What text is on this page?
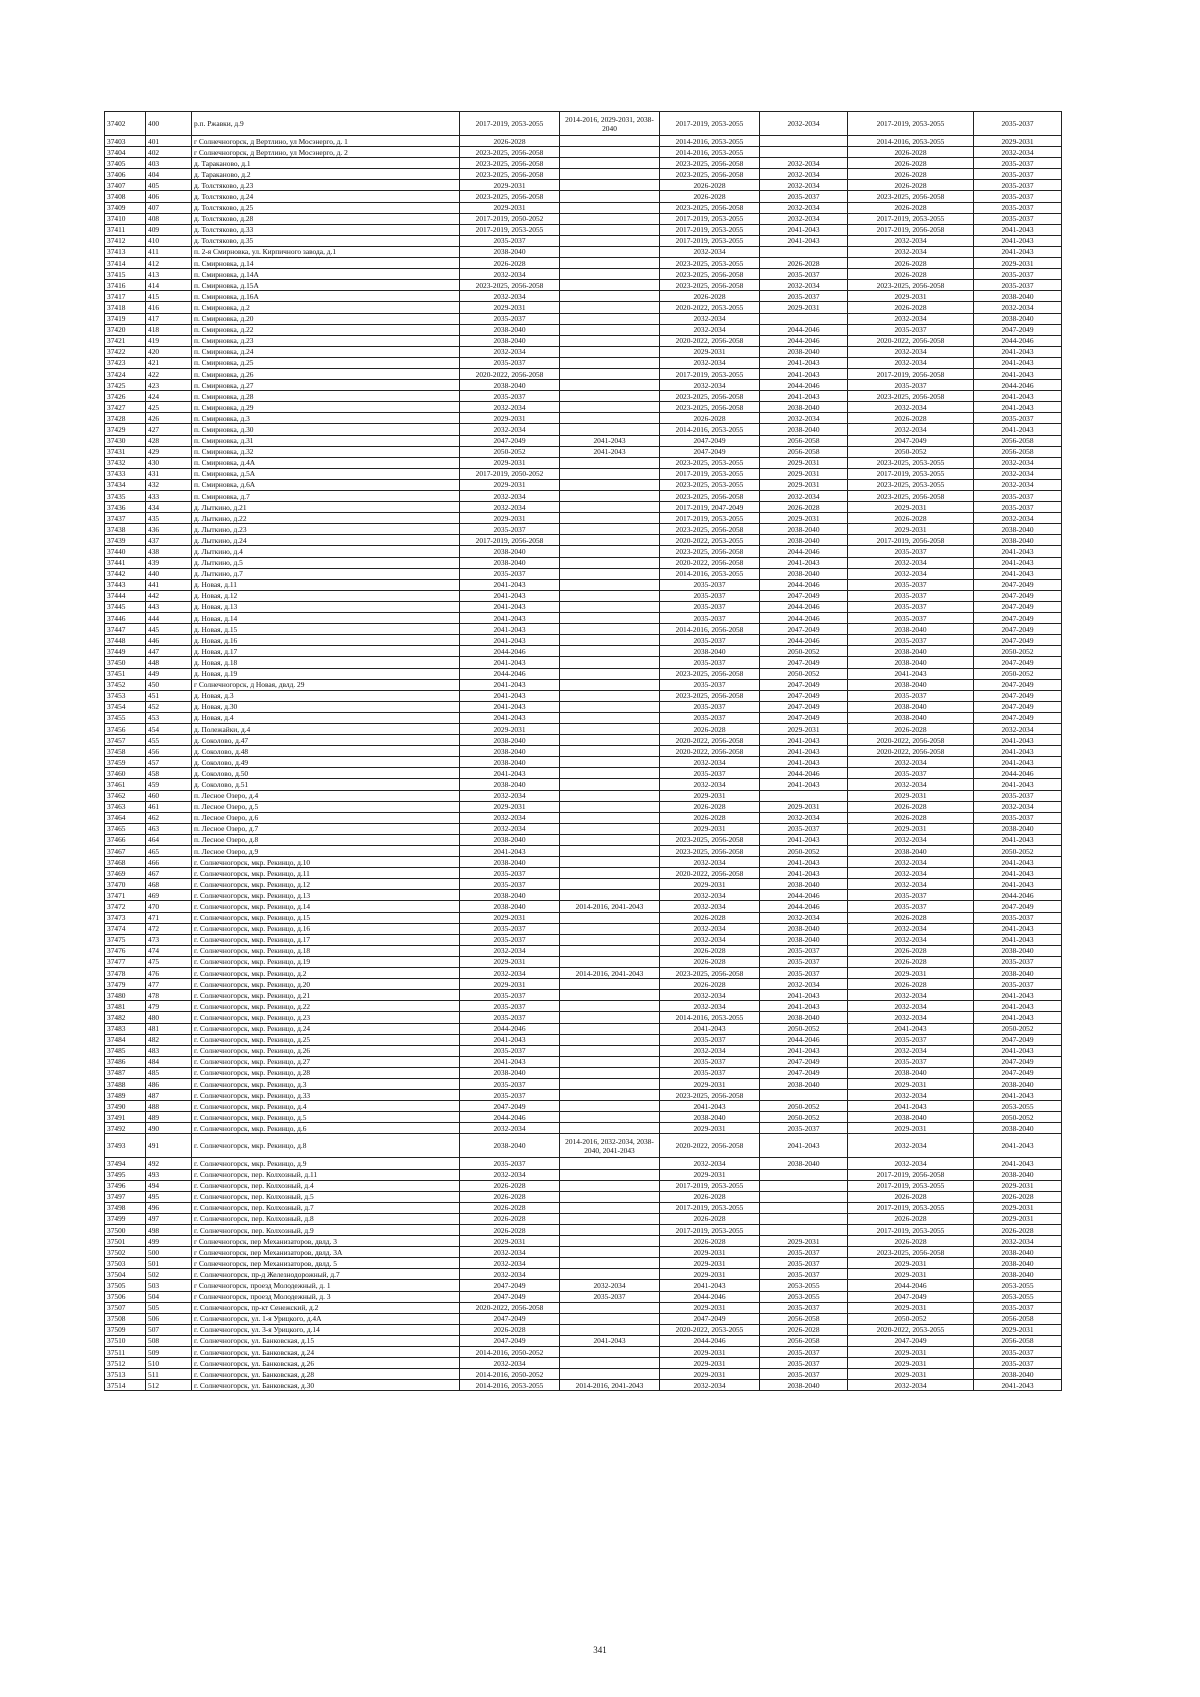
37402	400	р.п. Ржавки, д.9	2017-2019, 2053-2055	2014-2016, 2029-2031, 2038-2040	2017-2019, 2053-2055	2032-2034	2017-2019, 2053-2055	2035-2037
37403	401	г Солнечногорск, д Вертлино, ул Мосэнерго, д. 1	2026-2028		2014-2016, 2053-2055		2014-2016, 2053-2055	2029-2031
37404	402	г Солнечногорск, д Вертлино, ул Мосэнерго, д. 2	2023-2025, 2056-2058		2014-2016, 2053-2055		2026-2028	2032-2034
37405	403	д. Тараканово, д.1	2023-2025, 2056-2058		2023-2025, 2056-2058	2032-2034	2026-2028	2035-2037
37406	404	д. Тараканово, д.2	2023-2025, 2056-2058		2023-2025, 2056-2058	2032-2034	2026-2028	2035-2037
37407	405	д. Толстяково, д.23	2029-2031		2026-2028	2032-2034	2026-2028	2035-2037
37408	406	д. Толстяково, д.24	2023-2025, 2056-2058		2026-2028	2035-2037	2023-2025, 2056-2058	2035-2037
37409	407	д. Толстяково, д.25	2029-2031		2023-2025, 2056-2058	2032-2034	2026-2028	2035-2037
37410	408	д. Толстяково, д.28	2017-2019, 2050-2052		2017-2019, 2053-2055	2032-2034	2017-2019, 2053-2055	2035-2037
37411	409	д. Толстяково, д.33	2017-2019, 2053-2055		2017-2019, 2053-2055	2041-2043	2017-2019, 2056-2058	2041-2043
37412	410	д. Толстяково, д.35	2035-2037		2017-2019, 2053-2055	2041-2043	2032-2034	2041-2043
37413	411	п. 2-я Смирновка, ул. Кирпичного завода, д.1	2038-2040		2032-2034		2032-2034	2041-2043
37414	412	п. Смирновка, д.14	2026-2028		2023-2025, 2053-2055	2026-2028	2026-2028	2029-2031
37415	413	п. Смирновка, д.14А	2032-2034		2023-2025, 2056-2058	2035-2037	2026-2028	2035-2037
37416	414	п. Смирновка, д.15А	2023-2025, 2056-2058		2023-2025, 2056-2058	2032-2034	2023-2025, 2056-2058	2035-2037
37417	415	п. Смирновка, д.16А	2032-2034		2026-2028	2035-2037	2029-2031	2038-2040
37418	416	п. Смирновка, д.2	2029-2031		2020-2022, 2053-2055	2029-2031	2026-2028	2032-2034
37419	417	п. Смирновка, д.20	2035-2037		2032-2034		2032-2034	2038-2040
37420	418	п. Смирновка, д.22	2038-2040		2032-2034	2044-2046	2035-2037	2047-2049
37421	419	п. Смирновка, д.23	2038-2040		2020-2022, 2056-2058	2044-2046	2020-2022, 2056-2058	2044-2046
37422	420	п. Смирновка, д.24	2032-2034		2029-2031	2038-2040	2032-2034	2041-2043
37423	421	п. Смирновка, д.25	2035-2037		2032-2034	2041-2043	2032-2034	2041-2043
37424	422	п. Смирновка, д.26	2020-2022, 2056-2058		2017-2019, 2053-2055	2041-2043	2017-2019, 2056-2058	2041-2043
37425	423	п. Смирновка, д.27	2038-2040		2032-2034	2044-2046	2035-2037	2044-2046
37426	424	п. Смирновка, д.28	2035-2037		2023-2025, 2056-2058	2041-2043	2023-2025, 2056-2058	2041-2043
37427	425	п. Смирновка, д.29	2032-2034		2023-2025, 2056-2058	2038-2040	2032-2034	2041-2043
37428	426	п. Смирновка, д.3	2029-2031		2026-2028	2032-2034	2026-2028	2035-2037
37429	427	п. Смирновка, д.30	2032-2034		2014-2016, 2053-2055	2038-2040	2032-2034	2041-2043
37430	428	п. Смирновка, д.31	2047-2049	2041-2043	2047-2049	2056-2058	2047-2049	2056-2058
37431	429	п. Смирновка, д.32	2050-2052	2041-2043	2047-2049	2056-2058	2050-2052	2056-2058
37432	430	п. Смирновка, д.4А	2029-2031		2023-2025, 2053-2055	2029-2031	2023-2025, 2053-2055	2032-2034
37433	431	п. Смирновка, д.5А	2017-2019, 2050-2052		2017-2019, 2053-2055	2029-2031	2017-2019, 2053-2055	2032-2034
37434	432	п. Смирновка, д.6А	2029-2031		2023-2025, 2053-2055	2029-2031	2023-2025, 2053-2055	2032-2034
37435	433	п. Смирновка, д.7	2032-2034		2023-2025, 2056-2058	2032-2034	2023-2025, 2056-2058	2035-2037
37436	434	д. Лыткино, д.21	2032-2034		2017-2019, 2047-2049	2026-2028	2029-2031	2035-2037
37437	435	д. Лыткино, д.22	2029-2031		2017-2019, 2053-2055	2029-2031	2026-2028	2032-2034
37438	436	д. Лыткино, д.23	2035-2037		2023-2025, 2056-2058	2038-2040	2029-2031	2038-2040
37439	437	д. Лыткино, д.24	2017-2019, 2056-2058		2020-2022, 2053-2055	2038-2040	2017-2019, 2056-2058	2038-2040
37440	438	д. Лыткино, д.4	2038-2040		2023-2025, 2056-2058	2044-2046	2035-2037	2041-2043
37441	439	д. Лыткино, д.5	2038-2040		2020-2022, 2056-2058	2041-2043	2032-2034	2041-2043
37442	440	д. Лыткино, д.7	2035-2037		2014-2016, 2053-2055	2038-2040	2032-2034	2041-2043
37443	441	д. Новая, д.11	2041-2043		2035-2037	2044-2046	2035-2037	2047-2049
37444	442	д. Новая, д.12	2041-2043		2035-2037	2047-2049	2035-2037	2047-2049
37445	443	д. Новая, д.13	2041-2043		2035-2037	2044-2046	2035-2037	2047-2049
37446	444	д. Новая, д.14	2041-2043		2035-2037	2044-2046	2035-2037	2047-2049
37447	445	д. Новая, д.15	2041-2043		2014-2016, 2056-2058	2047-2049	2038-2040	2047-2049
37448	446	д. Новая, д.16	2041-2043		2035-2037	2044-2046	2035-2037	2047-2049
37449	447	д. Новая, д.17	2044-2046		2038-2040	2050-2052	2038-2040	2050-2052
37450	448	д. Новая, д.18	2041-2043		2035-2037	2047-2049	2038-2040	2047-2049
37451	449	д. Новая, д.19	2044-2046		2023-2025, 2056-2058	2050-2052	2041-2043	2050-2052
37452	450	г Солнечногорск, д Новая, двлд. 29	2041-2043		2035-2037	2047-2049	2038-2040	2047-2049
37453	451	д. Новая, д.3	2041-2043		2023-2025, 2056-2058	2047-2049	2035-2037	2047-2049
37454	452	д. Новая, д.30	2041-2043		2035-2037	2047-2049	2038-2040	2047-2049
37455	453	д. Новая, д.4	2041-2043		2035-2037	2047-2049	2038-2040	2047-2049
37456	454	д. Полежайки, д.4	2029-2031		2026-2028	2029-2031	2026-2028	2032-2034
37457	455	д. Соколово, д.47	2038-2040		2020-2022, 2056-2058	2041-2043	2020-2022, 2056-2058	2041-2043
37458	456	д. Соколово, д.48	2038-2040		2020-2022, 2056-2058	2041-2043	2020-2022, 2056-2058	2041-2043
37459	457	д. Соколово, д.49	2038-2040		2032-2034	2041-2043	2032-2034	2041-2043
37460	458	д. Соколово, д.50	2041-2043		2035-2037	2044-2046	2035-2037	2044-2046
37461	459	д. Соколово, д.51	2038-2040		2032-2034	2041-2043	2032-2034	2041-2043
37462	460	п. Лесное Озеро, д.4	2032-2034		2029-2031		2029-2031	2035-2037
37463	461	п. Лесное Озеро, д.5	2029-2031		2026-2028	2029-2031	2026-2028	2032-2034
37464	462	п. Лесное Озеро, д.6	2032-2034		2026-2028	2032-2034	2026-2028	2035-2037
37465	463	п. Лесное Озеро, д.7	2032-2034		2029-2031	2035-2037	2029-2031	2038-2040
37466	464	п. Лесное Озеро, д.8	2038-2040		2023-2025, 2056-2058	2041-2043	2032-2034	2041-2043
37467	465	п. Лесное Озеро, д.9	2041-2043		2023-2025, 2056-2058	2050-2052	2038-2040	2050-2052
37468	466	г. Солнечногорск, мкр. Рекинцо, д.10	2038-2040		2032-2034	2041-2043	2032-2034	2041-2043
37469	467	г. Солнечногорск, мкр. Рекинцо, д.11	2035-2037		2020-2022, 2056-2058	2041-2043	2032-2034	2041-2043
37470	468	г. Солнечногорск, мкр. Рекинцо, д.12	2035-2037		2029-2031	2038-2040	2032-2034	2041-2043
37471	469	г. Солнечногорск, мкр. Рекинцо, д.13	2038-2040		2032-2034	2044-2046	2035-2037	2044-2046
37472	470	г. Солнечногорск, мкр. Рекинцо, д.14	2038-2040	2014-2016, 2041-2043	2032-2034	2044-2046	2035-2037	2047-2049
37473	471	г. Солнечногорск, мкр. Рекинцо, д.15	2029-2031		2026-2028	2032-2034	2026-2028	2035-2037
37474	472	г. Солнечногорск, мкр. Рекинцо, д.16	2035-2037		2032-2034	2038-2040	2032-2034	2041-2043
37475	473	г. Солнечногорск, мкр. Рекинцо, д.17	2035-2037		2032-2034	2038-2040	2032-2034	2041-2043
37476	474	г. Солнечногорск, мкр. Рекинцо, д.18	2032-2034		2026-2028	2035-2037	2026-2028	2038-2040
37477	475	г. Солнечногорск, мкр. Рекинцо, д.19	2029-2031		2026-2028	2035-2037	2026-2028	2035-2037
37478	476	г. Солнечногорск, мкр. Рекинцо, д.2	2032-2034	2014-2016, 2041-2043	2023-2025, 2056-2058	2035-2037	2029-2031	2038-2040
37479	477	г. Солнечногорск, мкр. Рекинцо, д.20	2029-2031		2026-2028	2032-2034	2026-2028	2035-2037
37480	478	г. Солнечногорск, мкр. Рекинцо, д.21	2035-2037		2032-2034	2041-2043	2032-2034	2041-2043
37481	479	г. Солнечногорск, мкр. Рекинцо, д.22	2035-2037		2032-2034	2041-2043	2032-2034	2041-2043
37482	480	г. Солнечногорск, мкр. Рекинцо, д.23	2035-2037		2014-2016, 2053-2055	2038-2040	2032-2034	2041-2043
37483	481	г. Солнечногорск, мкр. Рекинцо, д.24	2044-2046		2041-2043	2050-2052	2041-2043	2050-2052
37484	482	г. Солнечногорск, мкр. Рекинцо, д.25	2041-2043		2035-2037	2044-2046	2035-2037	2047-2049
37485	483	г. Солнечногорск, мкр. Рекинцо, д.26	2035-2037		2032-2034	2041-2043	2032-2034	2041-2043
37486	484	г. Солнечногорск, мкр. Рекинцо, д.27	2041-2043		2035-2037	2047-2049	2035-2037	2047-2049
37487	485	г. Солнечногорск, мкр. Рекинцо, д.28	2038-2040		2035-2037	2047-2049	2038-2040	2047-2049
37488	486	г. Солнечногорск, мкр. Рекинцо, д.3	2035-2037		2029-2031	2038-2040	2029-2031	2038-2040
37489	487	г. Солнечногорск, мкр. Рекинцо, д.33	2035-2037		2023-2025, 2056-2058		2032-2034	2041-2043
37490	488	г. Солнечногорск, мкр. Рекинцо, д.4	2047-2049		2041-2043	2050-2052	2041-2043	2053-2055
37491	489	г. Солнечногорск, мкр. Рекинцо, д.5	2044-2046		2038-2040	2050-2052	2038-2040	2050-2052
37492	490	г. Солнечногорск, мкр. Рекинцо, д.6	2032-2034		2029-2031	2035-2037	2029-2031	2038-2040
37493	491	г. Солнечногорск, мкр. Рекинцо, д.8	2038-2040	2014-2016, 2032-2034, 2038-2040, 2041-2043	2020-2022, 2056-2058	2041-2043	2032-2034	2041-2043
37494	492	г. Солнечногорск, мкр. Рекинцо, д.9	2035-2037		2032-2034	2038-2040	2032-2034	2041-2043
37495	493	г. Солнечногорск, пер. Колхозный, д.11	2032-2034		2029-2031		2017-2019, 2056-2058	2038-2040
37496	494	г. Солнечногорск, пер. Колхозный, д.4	2026-2028		2017-2019, 2053-2055		2017-2019, 2053-2055	2029-2031
37497	495	г. Солнечногорск, пер. Колхозный, д.5	2026-2028		2026-2028		2026-2028	2026-2028
37498	496	г. Солнечногорск, пер. Колхозный, д.7	2026-2028		2017-2019, 2053-2055		2017-2019, 2053-2055	2029-2031
37499	497	г. Солнечногорск, пер. Колхозный, д.8	2026-2028		2026-2028		2026-2028	2029-2031
37500	498	г. Солнечногорск, пер. Колхозный, д.9	2026-2028		2017-2019, 2053-2055		2017-2019, 2053-2055	2026-2028
37501	499	г Солнечногорск, пер Механизаторов, двлд. 3	2029-2031		2026-2028	2029-2031	2026-2028	2032-2034
37502	500	г Солнечногорск, пер Механизаторов, двлд. 3А	2032-2034		2029-2031	2035-2037	2023-2025, 2056-2058	2038-2040
37503	501	г Солнечногорск, пер Механизаторов, двлд. 5	2032-2034		2029-2031	2035-2037	2029-2031	2038-2040
37504	502	г. Солнечногорск, пр-д Железнодорожный, д.7	2032-2034		2029-2031	2035-2037	2029-2031	2038-2040
37505	503	г Солнечногорск, проезд Молодежный, д. 1	2047-2049	2032-2034	2041-2043	2053-2055	2044-2046	2053-2055
37506	504	г Солнечногорск, проезд Молодежный, д. 3	2047-2049	2035-2037	2044-2046	2053-2055	2047-2049	2053-2055
37507	505	г. Солнечногорск, пр-кт Сенежский, д.2	2020-2022, 2056-2058		2029-2031	2035-2037	2029-2031	2035-2037
37508	506	г. Солнечногорск, ул. 1-я Урицкого, д.4А	2047-2049		2047-2049	2056-2058	2050-2052	2056-2058
37509	507	г. Солнечногорск, ул. 3-я Урицкого, д.14	2026-2028		2020-2022, 2053-2055	2026-2028	2020-2022, 2053-2055	2029-2031
37510	508	г. Солнечногорск, ул. Банковская, д.15	2047-2049	2041-2043	2044-2046	2056-2058	2047-2049	2056-2058
37511	509	г. Солнечногорск, ул. Банковская, д.24	2014-2016, 2050-2052		2029-2031	2035-2037	2029-2031	2035-2037
37512	510	г. Солнечногорск, ул. Банковская, д.26	2032-2034		2029-2031	2035-2037	2029-2031	2035-2037
37513	511	г. Солнечногорск, ул. Банковская, д.28	2014-2016, 2050-2052		2029-2031	2035-2037	2029-2031	2038-2040
37514	512	г. Солнечногорск, ул. Банковская, д.30	2014-2016, 2053-2055	2014-2016, 2041-2043	2032-2034	2038-2040	2032-2034	2041-2043
341
